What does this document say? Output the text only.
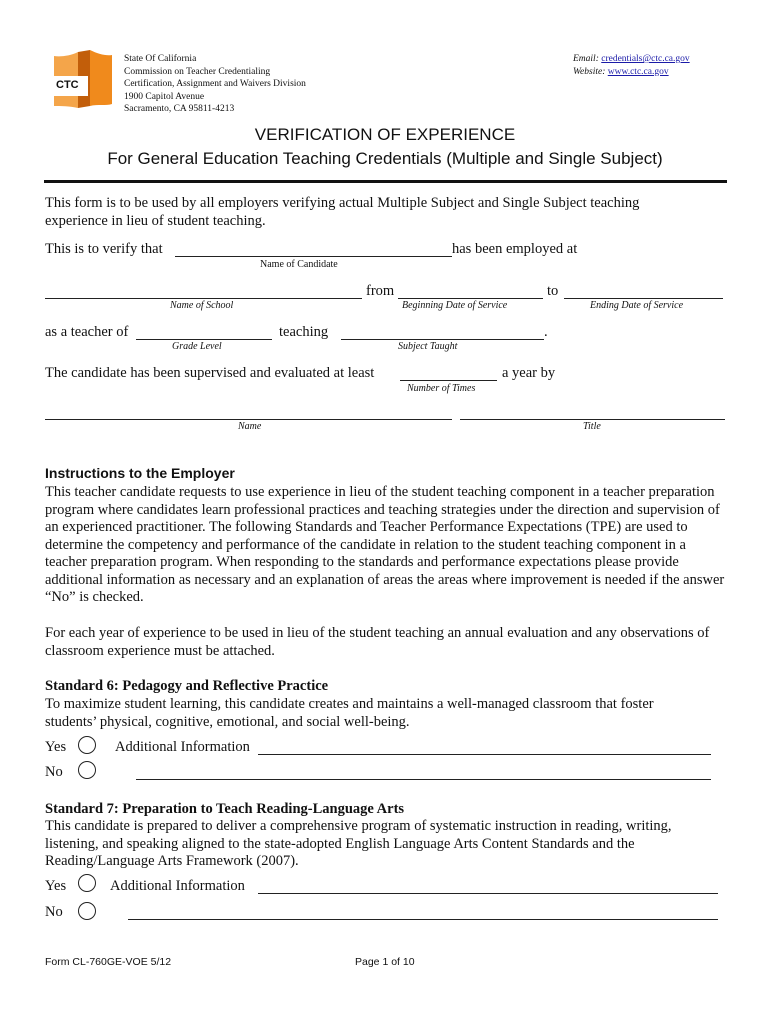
CTC
State Of California
Commission on Teacher Credentialing
Certification, Assignment and Waivers Division
1900 Capitol Avenue
Sacramento, CA 95811-4213
Email: credentials@ctc.ca.gov
Website: www.ctc.ca.gov
VERIFICATION OF EXPERIENCE
For General Education Teaching Credentials (Multiple and Single Subject)
This form is to be used by all employers verifying actual Multiple Subject and Single Subject teaching experience in lieu of student teaching.
This is to verify that	has been employed at
Name of Candidate
from	to
Name of School	Beginning Date of Service	Ending Date of Service
as a teacher of	teaching	.
Grade Level	Subject Taught
The candidate has been supervised and evaluated at least	a year by
Number of Times
Name	Title
Instructions to the Employer
This teacher candidate requests to use experience in lieu of the student teaching component in a teacher preparation program where candidates learn professional practices and teaching strategies under the direction and supervision of an experienced practitioner. The following Standards and Teacher Performance Expectations (TPE) are used to determine the competency and performance of the candidate in relation to the student teaching component in a teacher preparation program. When responding to the standards and performance expectations please provide additional information as necessary and an explanation of areas the areas where improvement is needed if the answer “No” is checked.
For each year of experience to be used in lieu of the student teaching an annual evaluation and any observations of classroom experience must be attached.
Standard 6: Pedagogy and Reflective Practice
To maximize student learning, this candidate creates and maintains a well-managed classroom that foster students’ physical, cognitive, emotional, and social well-being.
Yes	Additional Information
No
Standard 7: Preparation to Teach Reading-Language Arts
This candidate is prepared to deliver a comprehensive program of systematic instruction in reading, writing, listening, and speaking aligned to the state-adopted English Language Arts Content Standards and the Reading/Language Arts Framework (2007).
Yes	Additional Information
No
Form CL-760GE-VOE 5/12	Page 1 of 10
